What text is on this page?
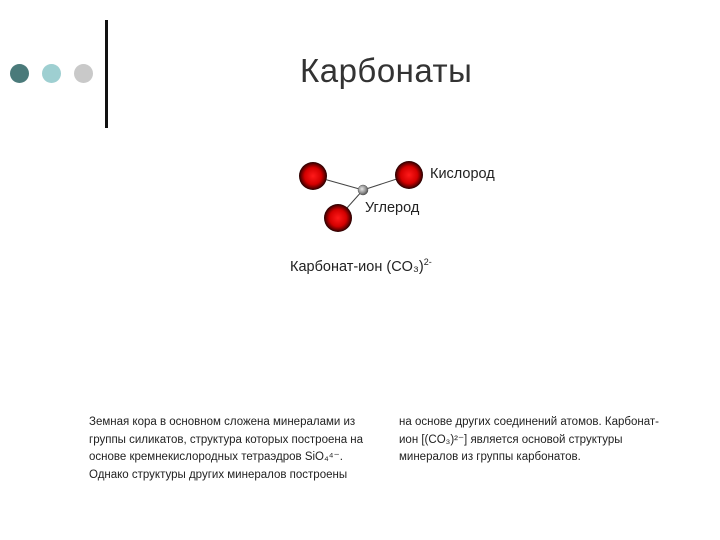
Карбонаты
Кислород
Углерод
Карбонат-ион $(CO_3)^{2-}$
Земная кора в основном сложена минералами из
группы силикатов, структура которых построена на
основе кремнекислородных тетраэдров SiO₄⁴⁻.
Однако структуры других минералов построены
на основе других соединений атомов. Карбонат-
ион [(CO₃)²⁻] является основой структуры
минералов из группы карбонатов.
